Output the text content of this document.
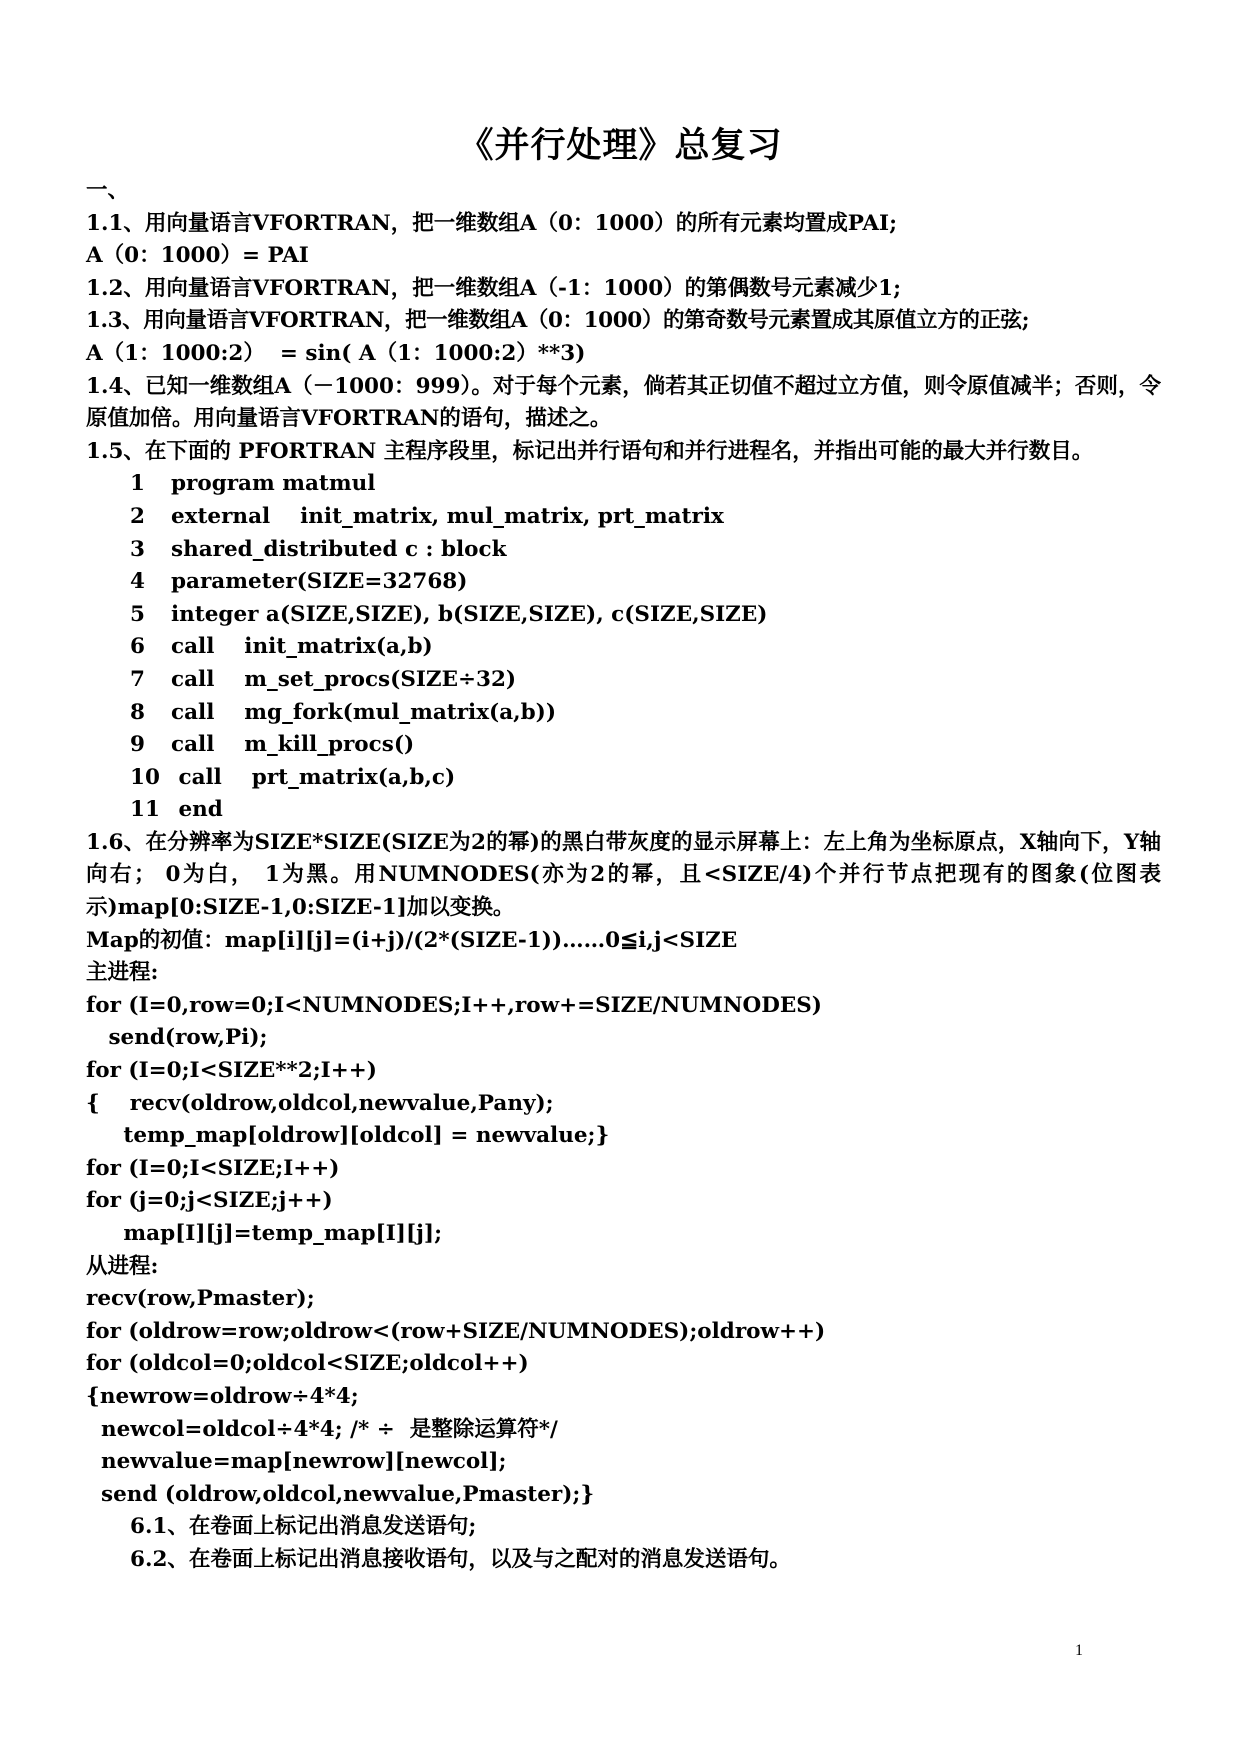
《并行处理》总复习
一、
1.1、用向量语言VFORTRAN，把一维数组A（0：1000）的所有元素均置成PAI;
A（0：1000）= PAI
1.2、用向量语言VFORTRAN，把一维数组A（-1：1000）的第偶数号元素减少1;
1.3、用向量语言VFORTRAN，把一维数组A（0：1000）的第奇数号元素置成其原值立方的正弦;
A（1：1000:2）  = sin( A（1：1000:2）**3)
1.4、已知一维数组A（－1000：999）。对于每个元素，倘若其正切值不超过立方值，则令原值减半；否则，令原值加倍。用向量语言VFORTRAN的语句，描述之。
1.5、在下面的 PFORTRAN 主程序段里，标记出并行语句和并行进程名，并指出可能的最大并行数目。
1 program matmul
2 external    init_matrix, mul_matrix, prt_matrix
3 shared_distributed c : block
4 parameter(SIZE=32768)
5 integer a(SIZE,SIZE), b(SIZE,SIZE), c(SIZE,SIZE)
6 call    init_matrix(a,b)
7 call    m_set_procs(SIZE÷32)
8 call    mg_fork(mul_matrix(a,b))
9 call    m_kill_procs()
10 call    prt_matrix(a,b,c)
11 end
1.6、在分辨率为SIZE*SIZE(SIZE为2的幂)的黑白带灰度的显示屏幕上：左上角为坐标原点，X轴向下，Y轴向右； 0为白， 1为黑。用NUMNODES(亦为2的幂，且<SIZE/4)个并行节点把现有的图象(位图表示)map[0:SIZE-1,0:SIZE-1]加以变换。
Map的初值：map[i][j]=(i+j)/(2*(SIZE-1))……0≦i,j<SIZE
主进程:
for (I=0,row=0;I<NUMNODES;I++,row+=SIZE/NUMNODES)
send(row,Pi);
for (I=0;I<SIZE**2;I++)
{    recv(oldrow,oldcol,newvalue,Pany);
temp_map[oldrow][oldcol] = newvalue;}
for (I=0;I<SIZE;I++)
for (j=0;j<SIZE;j++)
map[I][j]=temp_map[I][j];
从进程:
recv(row,Pmaster);
for (oldrow=row;oldrow<(row+SIZE/NUMNODES);oldrow++)
for (oldcol=0;oldcol<SIZE;oldcol++)
{newrow=oldrow÷4*4;
newcol=oldcol÷4*4; /* ÷  是整除运算符*/
newvalue=map[newrow][newcol];
send (oldrow,oldcol,newvalue,Pmaster);}
6.1、在卷面上标记出消息发送语句;
6.2、在卷面上标记出消息接收语句，以及与之配对的消息发送语句。
1
